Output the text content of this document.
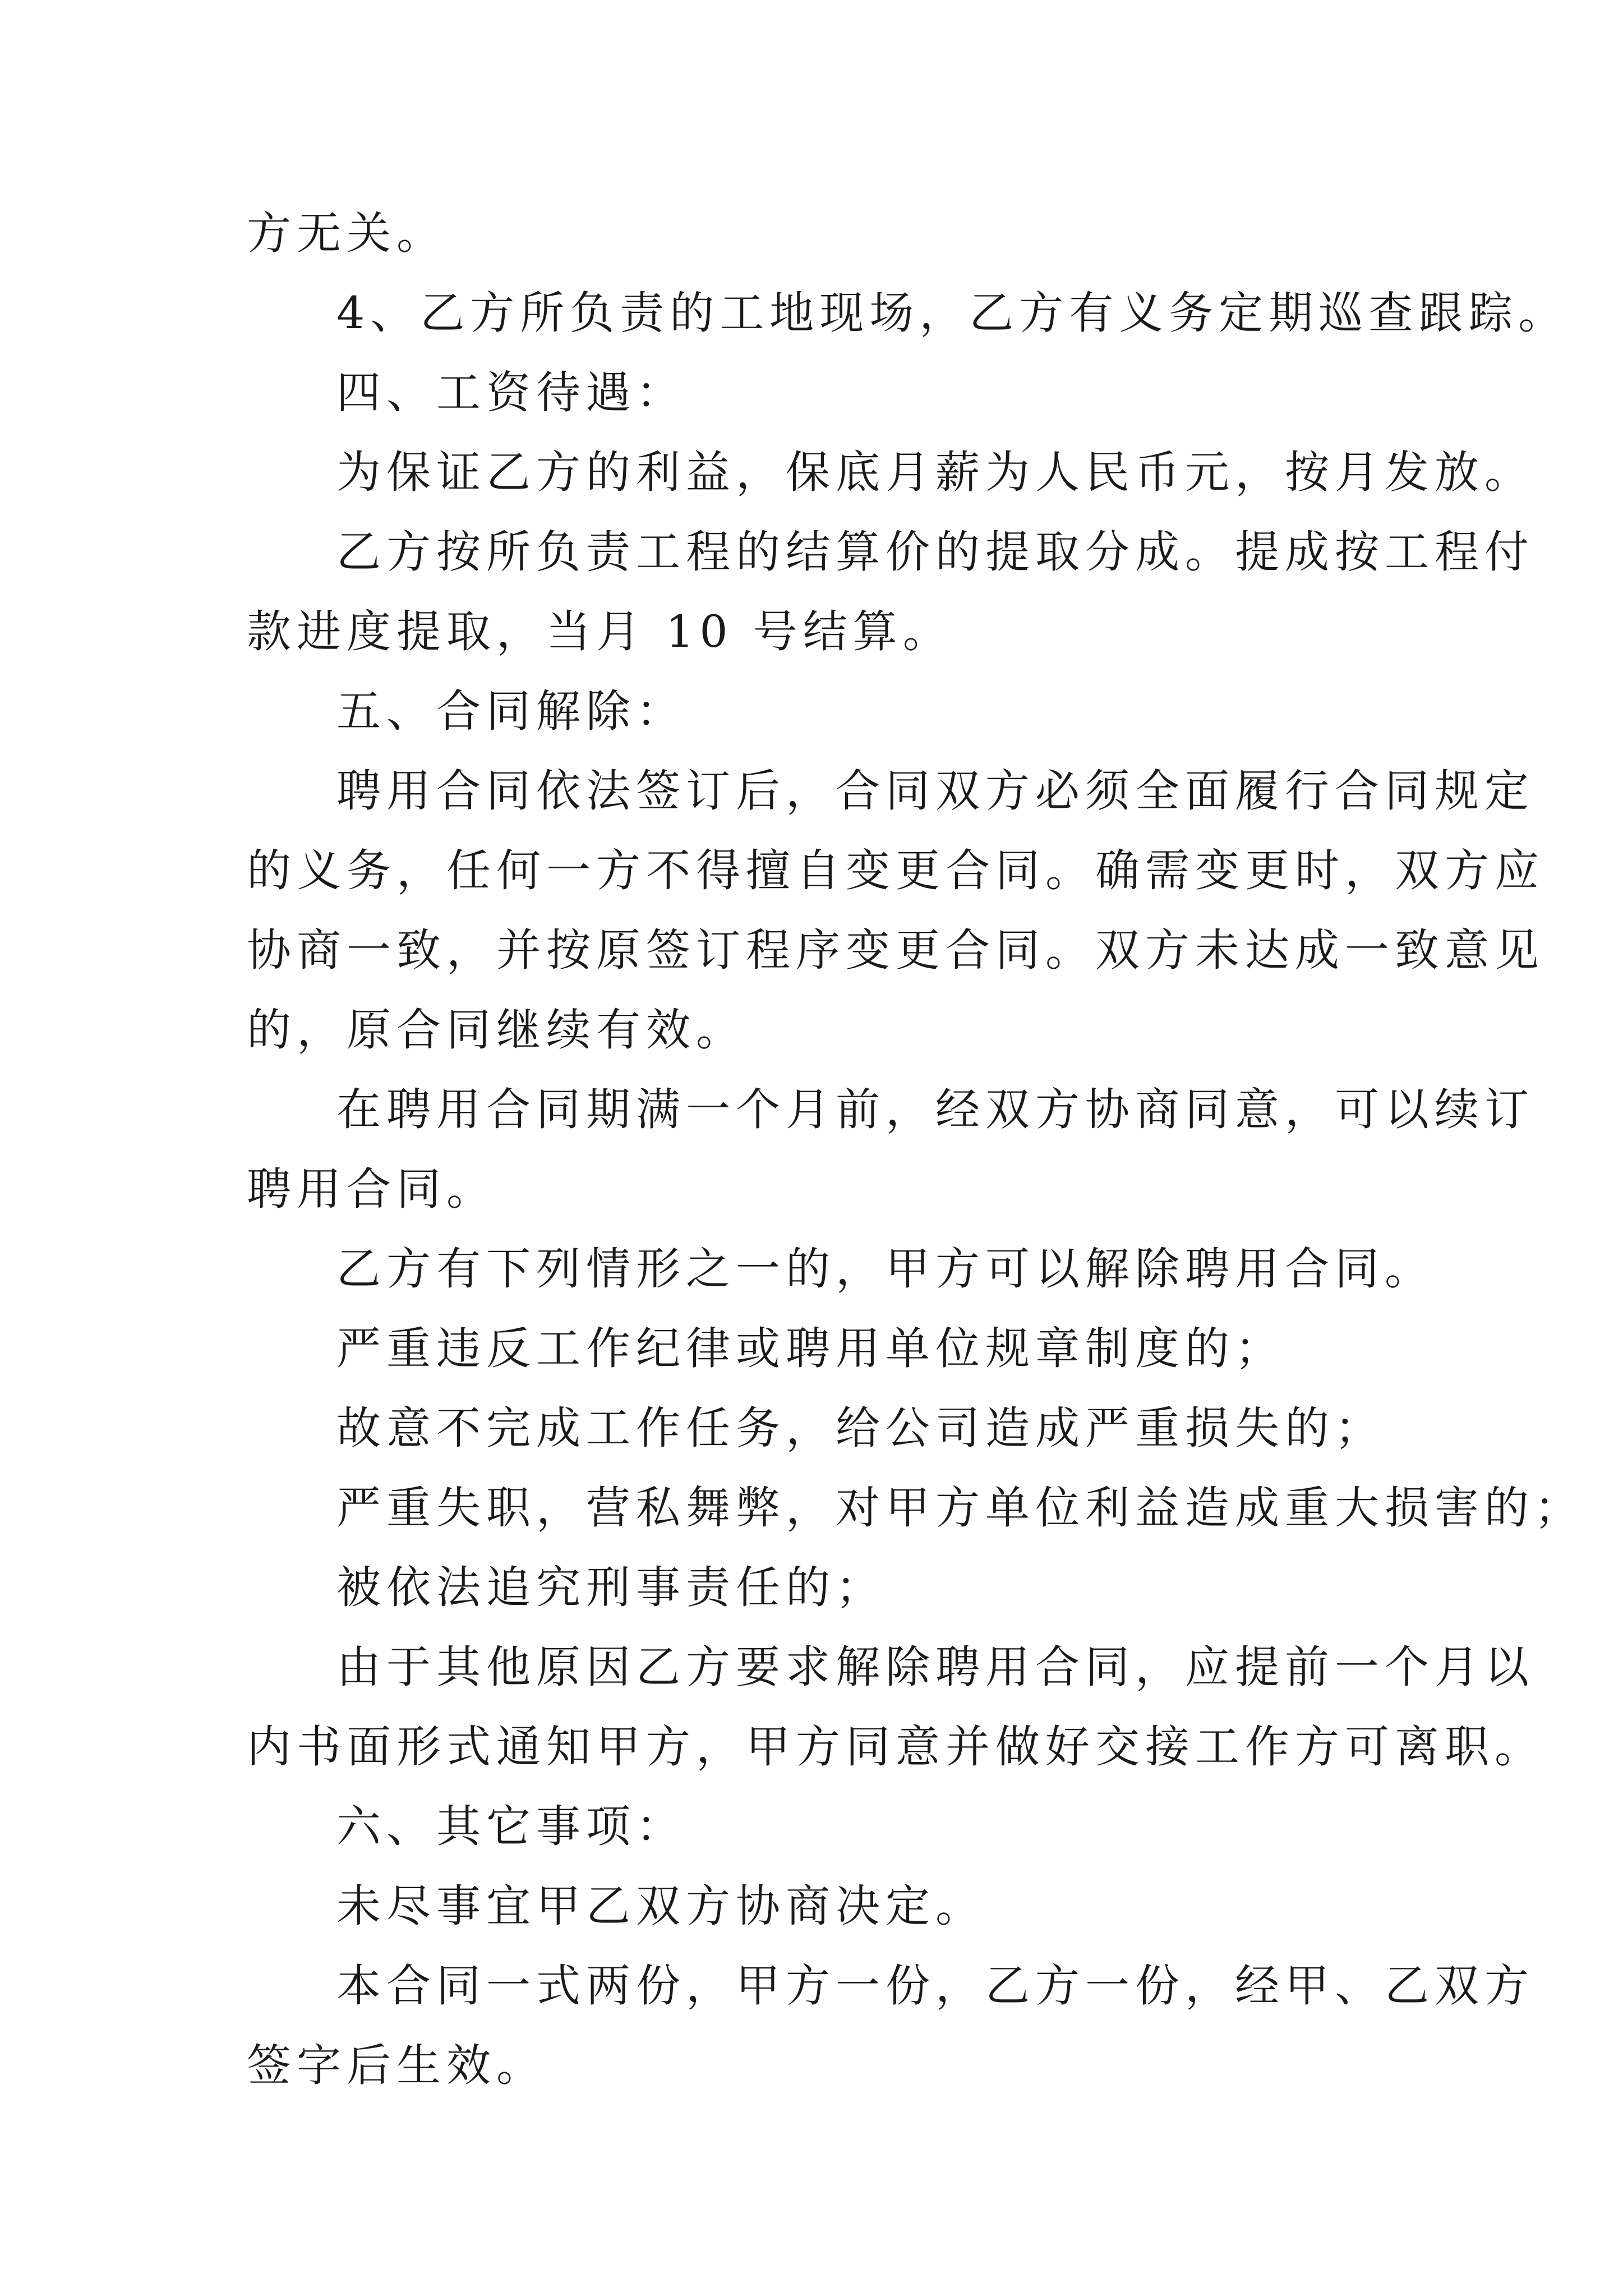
方无关。
4、乙方所负责的工地现场，乙方有义务定期巡查跟踪。
四、工资待遇：
为保证乙方的利益，保底月薪为人民币元，按月发放。
乙方按所负责工程的结算价的提取分成。提成按工程付
款进度提取，当月 10 号结算。
五、合同解除：
聘用合同依法签订后，合同双方必须全面履行合同规定
的义务，任何一方不得擅自变更合同。确需变更时，双方应
协商一致，并按原签订程序变更合同。双方未达成一致意见
的，原合同继续有效。
在聘用合同期满一个月前，经双方协商同意，可以续订
聘用合同。
乙方有下列情形之一的，甲方可以解除聘用合同。
严重违反工作纪律或聘用单位规章制度的；
故意不完成工作任务，给公司造成严重损失的；
严重失职，营私舞弊，对甲方单位利益造成重大损害的；
被依法追究刑事责任的；
由于其他原因乙方要求解除聘用合同，应提前一个月以
内书面形式通知甲方，甲方同意并做好交接工作方可离职。
六、其它事项：
未尽事宜甲乙双方协商决定。
本合同一式两份，甲方一份，乙方一份，经甲、乙双方
签字后生效。
